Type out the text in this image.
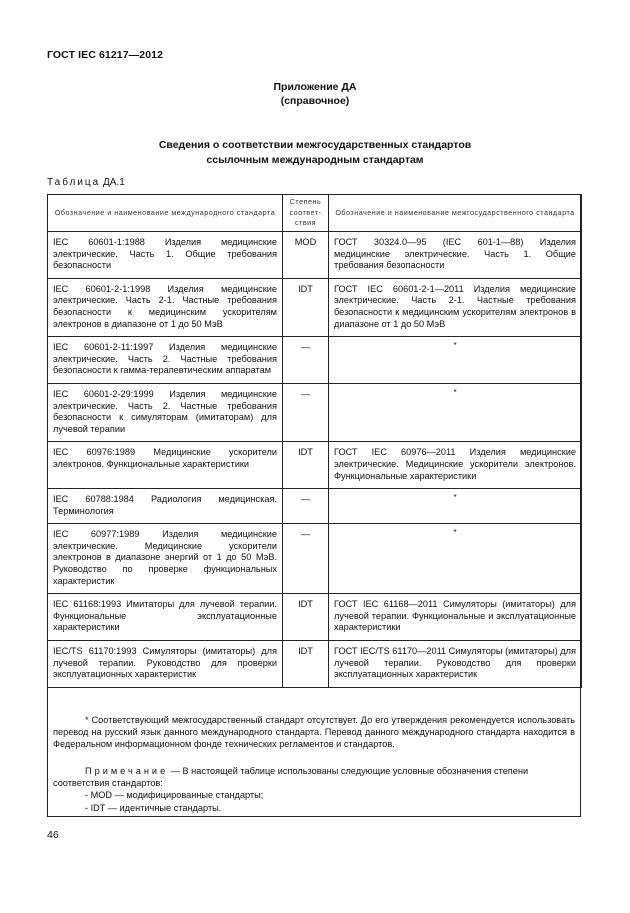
ГОСТ IEC 61217—2012
Приложение ДА
(справочное)
Сведения о соответствии межгосударственных стандартов
ссылочным международным стандартам
Таблица ДА.1
Обозначение и наименование международного стандарта	Степень соответ-ствия	Обозначение и наименование межгосударственного стандарта
IEC 60601-1:1988 Изделия медицинские электрические. Часть 1. Общие требования безопасности	MOD	ГОСТ 30324.0—95 (IEC 601-1—88) Изделия медицинские электрические. Часть 1. Общие требования безопасности
IEC 60601-2-1:1998 Изделия медицинские электрические. Часть 2-1. Частные требования безопасности к медицинским ускорителям электронов в диапазоне от 1 до 50 МэВ	IDT	ГОСТ IEC 60601-2-1—2011 Изделия медицинские электрические. Часть 2-1. Частные требования безопасности к медицинским ускорителям электронов в диапазоне от 1 до 50 МэВ
IEC 60601-2-11:1997 Изделия медицинские электрические. Часть 2. Частные требования безопасности к гамма-терапевтическим аппаратам	—	*
IEC 60601-2-29:1999 Изделия медицинские электрические. Часть 2. Частные требования безопасности к симуляторам (имитаторам) для лучевой терапии	—	*
IEC 60976:1989 Медицинские ускорители электронов. Функциональные характеристики	IDT	ГОСТ IEC 60976—2011 Изделия медицинские электрические. Медицинские ускорители электронов. Функциональные характеристики
IEC 60788:1984 Радиология медицинская. Терминология	—	*
IEC 60977:1989 Изделия медицинские электрические. Медицинские ускорители электронов в диапазоне энергий от 1 до 50 МэВ. Руководство по проверке функциональных характеристик	—	*
IEC 61168:1993 Имитаторы для лучевой терапии. Функциональные эксплуатационные характеристики	IDT	ГОСТ IEC 61168—2011 Симуляторы (имитаторы) для лучевой терапии. Функциональные и эксплуатационные характеристики
IEC/TS 61170:1993 Симуляторы (имитаторы) для лучевой терапии. Руководство для проверки эксплуатационных характеристик	IDT	ГОСТ IEC/TS 61170—2011 Симуляторы (имитаторы) для лучевой терапии. Руководство для проверки эксплуатационных характеристик
* Соответствующий межгосударственный стандарт отсутствует. До его утверждения рекомендуется использовать перевод на русский язык данного международного стандарта. Перевод данного международного стандарта находится в Федеральном информационном фонде технических регламентов и стандартов.
Примечание — В настоящей таблице использованы следующие условные обозначения степени соответствия стандартов:
- MOD — модифицированные стандарты;
- IDT — идентичные стандарты.
46
